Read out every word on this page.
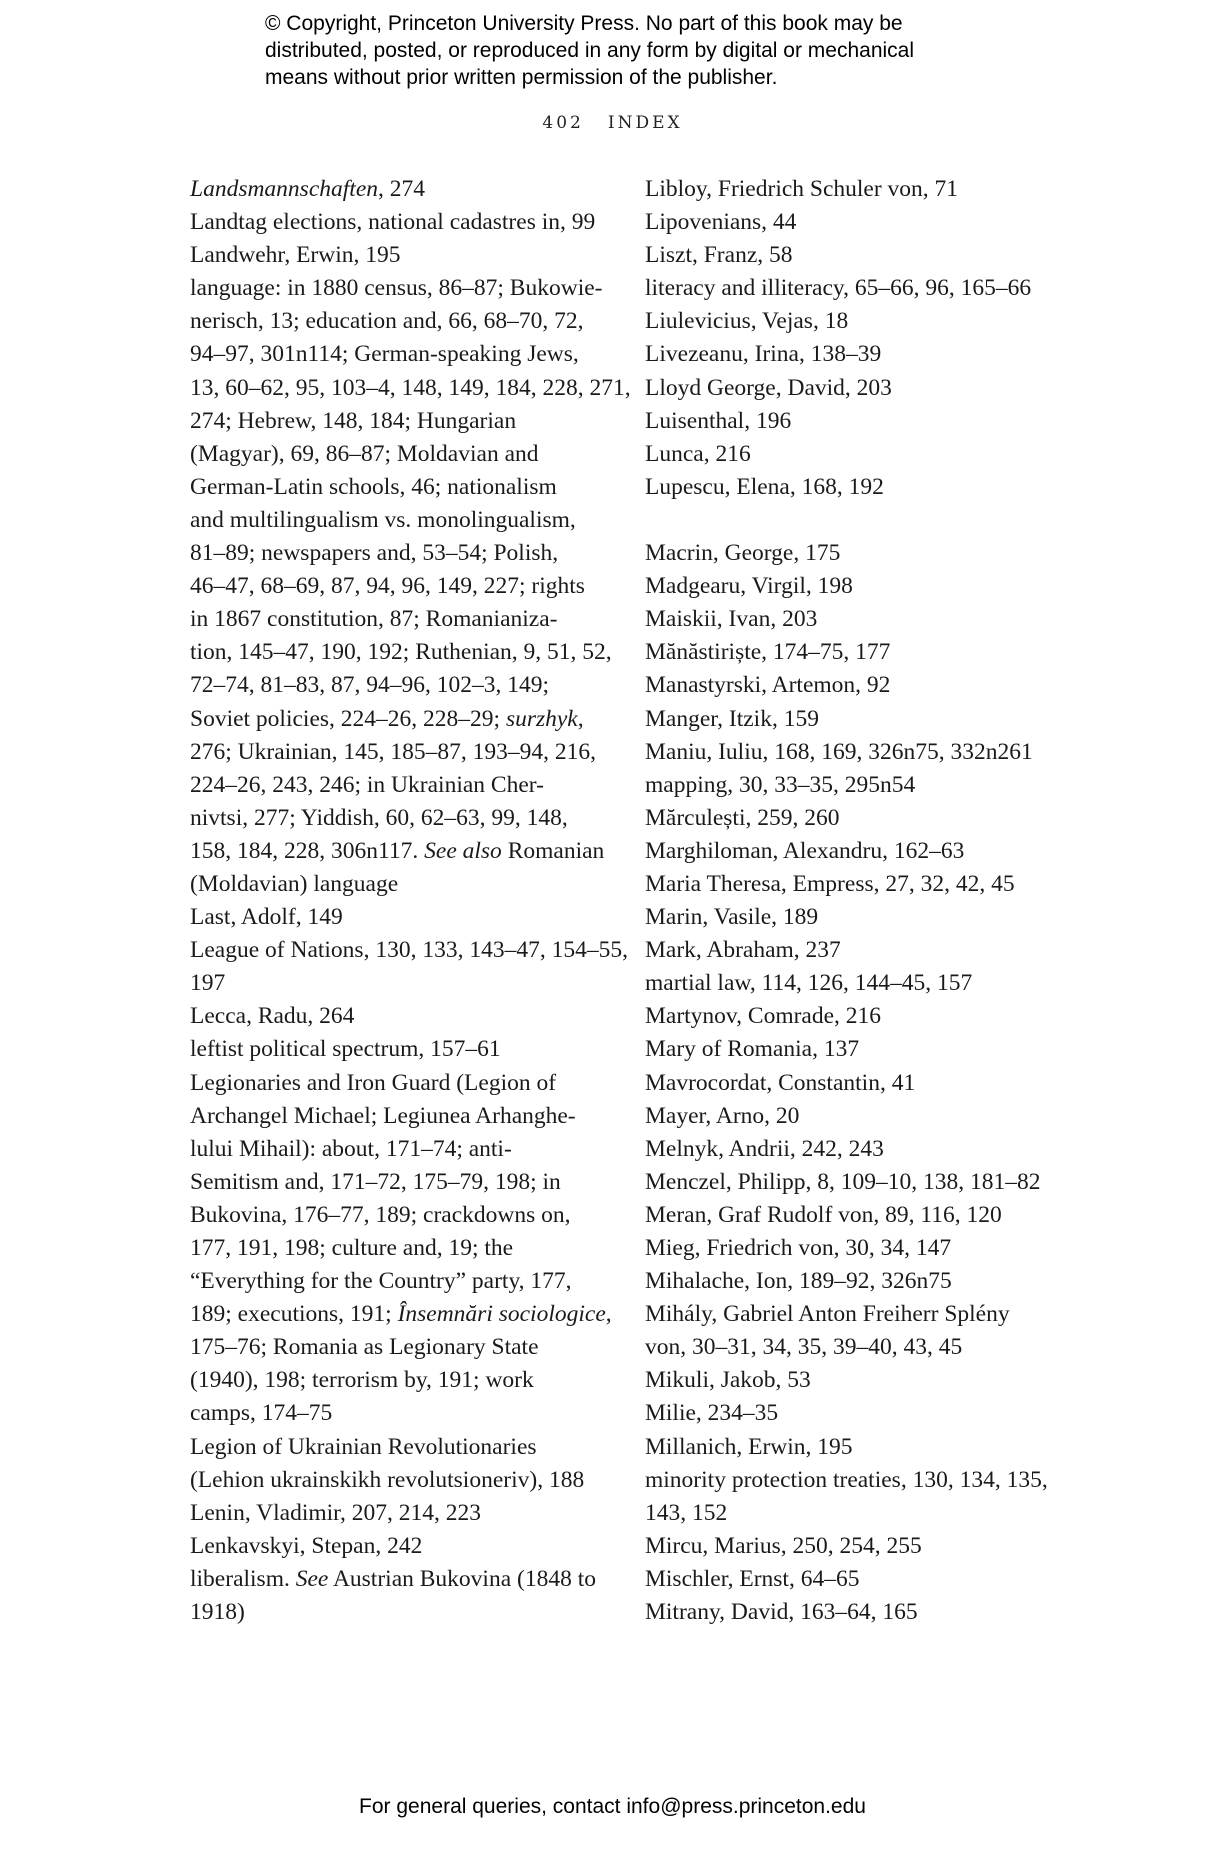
© Copyright, Princeton University Press. No part of this book may be
distributed, posted, or reproduced in any form by digital or mechanical
means without prior written permission of the publisher.
402 INDEX
Landsmannschaften, 274
Landtag elections, national cadastres in, 99
Landwehr, Erwin, 195
language: in 1880 census, 86–87; Bukowie-
nerisch, 13; education and, 66, 68–70, 72,
94–97, 301n114; German-speaking Jews,
13, 60–62, 95, 103–4, 148, 149, 184, 228, 271,
274; Hebrew, 148, 184; Hungarian
(Magyar), 69, 86–87; Moldavian and
German-Latin schools, 46; nationalism
and multilingualism vs. monolingualism,
81–89; newspapers and, 53–54; Polish,
46–47, 68–69, 87, 94, 96, 149, 227; rights
in 1867 constitution, 87; Romanianiza-
tion, 145–47, 190, 192; Ruthenian, 9, 51, 52,
72–74, 81–83, 87, 94–96, 102–3, 149;
Soviet policies, 224–26, 228–29; surzhyk,
276; Ukrainian, 145, 185–87, 193–94, 216,
224–26, 243, 246; in Ukrainian Cher-
nivtsi, 277; Yiddish, 60, 62–63, 99, 148,
158, 184, 228, 306n117. See also Romanian
(Moldavian) language
Last, Adolf, 149
League of Nations, 130, 133, 143–47, 154–55,
197
Lecca, Radu, 264
leftist political spectrum, 157–61
Legionaries and Iron Guard (Legion of
Archangel Michael; Legiunea Arhanghe-
lului Mihail): about, 171–74; anti-
Semitism and, 171–72, 175–79, 198; in
Bukovina, 176–77, 189; crackdowns on,
177, 191, 198; culture and, 19; the
“Everything for the Country” party, 177,
189; executions, 191; Însemnări sociologice,
175–76; Romania as Legionary State
(1940), 198; terrorism by, 191; work
camps, 174–75
Legion of Ukrainian Revolutionaries
(Lehion ukrainskikh revolutsioneriv), 188
Lenin, Vladimir, 207, 214, 223
Lenkavskyi, Stepan, 242
liberalism. See Austrian Bukovina (1848 to
1918)
Libloy, Friedrich Schuler von, 71
Lipovenians, 44
Liszt, Franz, 58
literacy and illiteracy, 65–66, 96, 165–66
Liulevicius, Vejas, 18
Livezeanu, Irina, 138–39
Lloyd George, David, 203
Luisenthal, 196
Lunca, 216
Lupescu, Elena, 168, 192
Macrin, George, 175
Madgearu, Virgil, 198
Maiskii, Ivan, 203
Mănăstiriște, 174–75, 177
Manastyrski, Artemon, 92
Manger, Itzik, 159
Maniu, Iuliu, 168, 169, 326n75, 332n261
mapping, 30, 33–35, 295n54
Mărculești, 259, 260
Marghiloman, Alexandru, 162–63
Maria Theresa, Empress, 27, 32, 42, 45
Marin, Vasile, 189
Mark, Abraham, 237
martial law, 114, 126, 144–45, 157
Martynov, Comrade, 216
Mary of Romania, 137
Mavrocordat, Constantin, 41
Mayer, Arno, 20
Melnyk, Andrii, 242, 243
Menczel, Philipp, 8, 109–10, 138, 181–82
Meran, Graf Rudolf von, 89, 116, 120
Mieg, Friedrich von, 30, 34, 147
Mihalache, Ion, 189–92, 326n75
Mihály, Gabriel Anton Freiherr Splény
von, 30–31, 34, 35, 39–40, 43, 45
Mikuli, Jakob, 53
Milie, 234–35
Millanich, Erwin, 195
minority protection treaties, 130, 134, 135,
143, 152
Mircu, Marius, 250, 254, 255
Mischler, Ernst, 64–65
Mitrany, David, 163–64, 165
For general queries, contact info@press.princeton.edu
